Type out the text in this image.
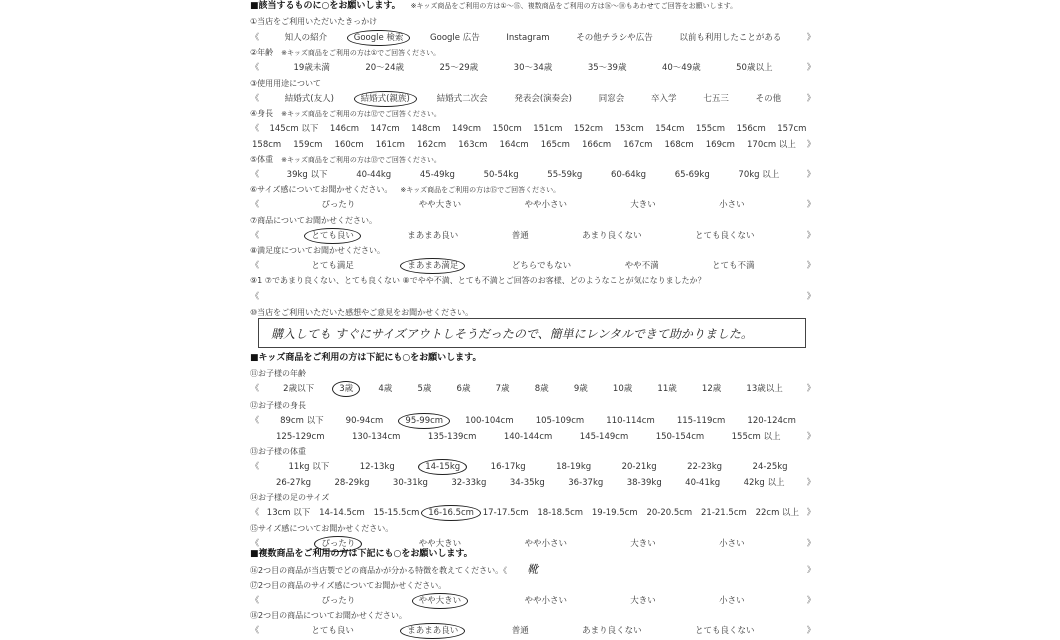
■該当するものに○をお願いします。 ※キッズ商品をご利用の方は①〜⑮、複数商品をご利用の方は⑯〜⑱もあわせてご回答をお願いします。
①当店をご利用いただいたきっかけ
《	知人の紹介	Google 検索	Google 広告	Instagram	その他チラシや広告	以前も利用したことがある	》
②年齢 ※キッズ商品をご利用の方は①でご回答ください。
《	19歳未満	20〜24歳	25〜29歳	30〜34歳	35〜39歳	40〜49歳	50歳以上	》
③使用用途について
《	結婚式(友人)	結婚式(親族)	結婚式二次会	発表会(演奏会)	同窓会	卒入学	七五三	その他	》
④身長 ※キッズ商品をご利用の方は⑫でご回答ください。
《 145cm 以下 146cm 147cm 148cm 149cm 150cm 151cm 152cm 153cm 154cm 155cm 156cm 157cm
158cm 159cm 160cm 161cm 162cm 163cm 164cm 165cm 166cm 167cm 168cm 169cm 170cm 以上 》
⑤体重 ※キッズ商品をご利用の方は⑬でご回答ください。
《	39kg 以下	40-44kg	45-49kg	50-54kg	55-59kg	60-64kg	65-69kg	70kg 以上	》
⑥サイズ感についてお聞かせください。 ※キッズ商品をご利用の方は⑮でご回答ください。
《	ぴったり	やや大きい	やや小さい	大きい	小さい	》
⑦商品についてお聞かせください。
《	とても良い	まあまあ良い	普通	あまり良くない	とても良くない	》
⑧満足度についてお聞かせください。
《	とても満足	まあまあ満足	どちらでもない	やや不満	とても不満	》
⑨1 ⑦であまり良くない、とても良くない ⑧でやや不満、とても不満とご回答のお客様、どのようなことが気になりましたか？
《	》
⑩当店をご利用いただいた感想やご意見をお聞かせください。
購入しても すぐにサイズアウトしそうだったので、簡単にレンタルできて助かりました。
■キッズ商品をご利用の方は下記にも○をお願いします。
⑪お子様の年齢
《	2歳以下	3歳	4歳	5歳	6歳	7歳	8歳	9歳	10歳	11歳	12歳	13歳以上	》
⑫お子様の身長
《 89cm 以下	90-94cm	95-99cm	100-104cm	105-109cm	110-114cm	115-119cm	120-124cm
125-129cm	130-134cm	135-139cm	140-144cm	145-149cm	150-154cm	155cm 以上	》
⑬お子様の体重
《	11kg 以下	12-13kg	14-15kg	16-17kg	18-19kg	20-21kg	22-23kg	24-25kg
26-27kg	28-29kg	30-31kg	32-33kg	34-35kg	36-37kg	38-39kg	40-41kg	42kg 以上	》
⑭お子様の足のサイズ
《 13cm 以下 14-14.5cm 15-15.5cm 16-16.5cm 17-17.5cm 18-18.5cm 19-19.5cm 20-20.5cm 21-21.5cm 22cm 以上 》
⑮サイズ感についてお聞かせください。
《	ぴったり	やや大きい	やや小さい	大きい	小さい	》
■複数商品をご利用の方は下記にも○をお願いします。
⑯2つ目の商品が当店製でどの商品かが分かる特徴を教えてください。《 靴	》
⑰2つ目の商品のサイズ感についてお聞かせください。
《	ぴったり	やや大きい	やや小さい	大きい	小さい	》
⑱2つ目の商品についてお聞かせください。
《	とても良い	まあまあ良い	普通	あまり良くない	とても良くない	》
